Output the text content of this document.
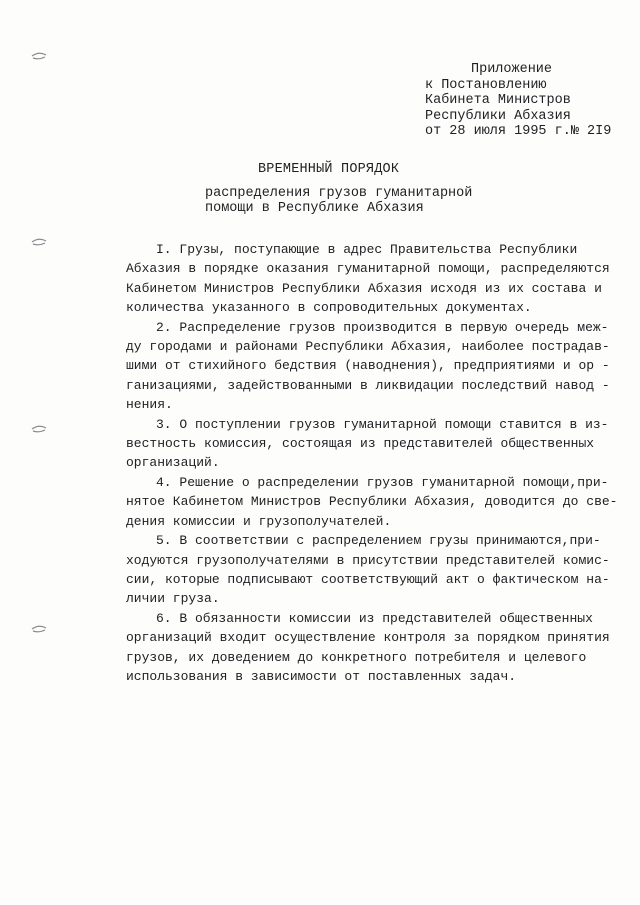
Приложение
к Постановлению
Кабинета Министров
Республики Абхазия
от 28 июля 1995 г.№ 2I9
ВРЕМЕННЫЙ ПОРЯДОК
распределения грузов гуманитарной
помощи в Республике Абхазия
I. Грузы, поступающие в адрес Правительства Республики
Абхазия в порядке оказания гуманитарной помощи, распределяются
Кабинетом Министров Республики Абхазия исходя из их состава и
количества указанного в сопроводительных документах.
2. Распределение грузов производится в первую очередь меж-
ду городами и районами Республики Абхазия, наиболее пострадав-
шими от стихийного бедствия (наводнения), предприятиями и ор -
ганизациями, задействованными в ликвидации последствий навод -
нения.
3. О поступлении грузов гуманитарной помощи ставится в из-
вестность комиссия, состоящая из представителей общественных
организаций.
4. Решение о распределении грузов гуманитарной помощи,при-
нятое Кабинетом Министров Республики Абхазия, доводится до све-
дения комиссии и грузополучателей.
5. В соответствии с распределением грузы принимаются,при-
ходуются грузополучателями в присутствии представителей комис-
сии, которые подписывают соответствующий акт о фактическом на-
личии груза.
6. В обязанности комиссии из представителей общественных
организаций входит осуществление контроля за порядком принятия
грузов, их доведением до конкретного потребителя и целевого
использования в зависимости от поставленных задач.
